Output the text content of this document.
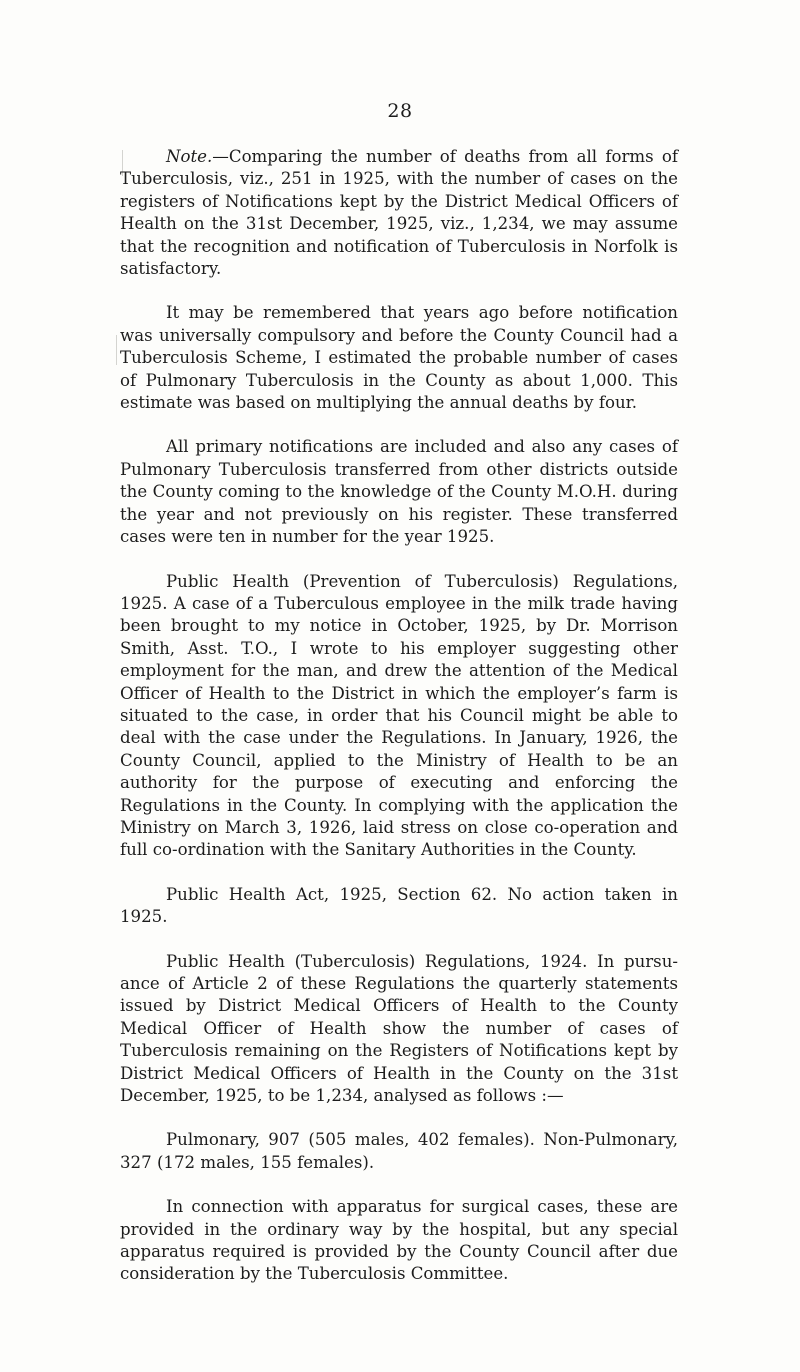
28

Note.—Comparing the number of deaths from all forms of Tuberculosis, viz., 251 in 1925, with the number of cases on the registers of Notifications kept by the District Medical Officers of Health on the 31st December, 1925, viz., 1,234, we may assume that the recognition and notification of Tuberculosis in Norfolk is satisfactory.

It may be remembered that years ago before notification was universally compulsory and before the County Council had a Tuberculosis Scheme, I estimated the probable number of cases of Pulmonary Tuberculosis in the County as about 1,000. This estimate was based on multiplying the annual deaths by four.

All primary notifications are included and also any cases of Pulmonary Tuberculosis transferred from other districts outside the County coming to the knowledge of the County M.O.H. during the year and not previously on his register. These transferred cases were ten in number for the year 1925.

Public Health (Prevention of Tuberculosis) Regulations, 1925. A case of a Tuberculous employee in the milk trade having been brought to my notice in October, 1925, by Dr. Morrison Smith, Asst. T.O., I wrote to his employer suggesting other employment for the man, and drew the attention of the Medical Officer of Health to the District in which the employer’s farm is situated to the case, in order that his Council might be able to deal with the case under the Regulations. In January, 1926, the County Council, applied to the Ministry of Health to be an authority for the purpose of executing and enforcing the Regulations in the County. In complying with the application the Ministry on March 3, 1926, laid stress on close co-operation and full co-ordination with the Sanitary Authorities in the County.

Public Health Act, 1925, Section 62. No action taken in 1925.

Public Health (Tuberculosis) Regulations, 1924. In pursuance of Article 2 of these Regulations the quarterly statements issued by District Medical Officers of Health to the County Medical Officer of Health show the number of cases of Tuberculosis remaining on the Registers of Notifications kept by District Medical Officers of Health in the County on the 31st December, 1925, to be 1,234, analysed as follows :—

Pulmonary, 907 (505 males, 402 females). Non-Pulmonary, 327 (172 males, 155 females).

In connection with apparatus for surgical cases, these are provided in the ordinary way by the hospital, but any special apparatus required is provided by the County Council after due consideration by the Tuberculosis Committee.
